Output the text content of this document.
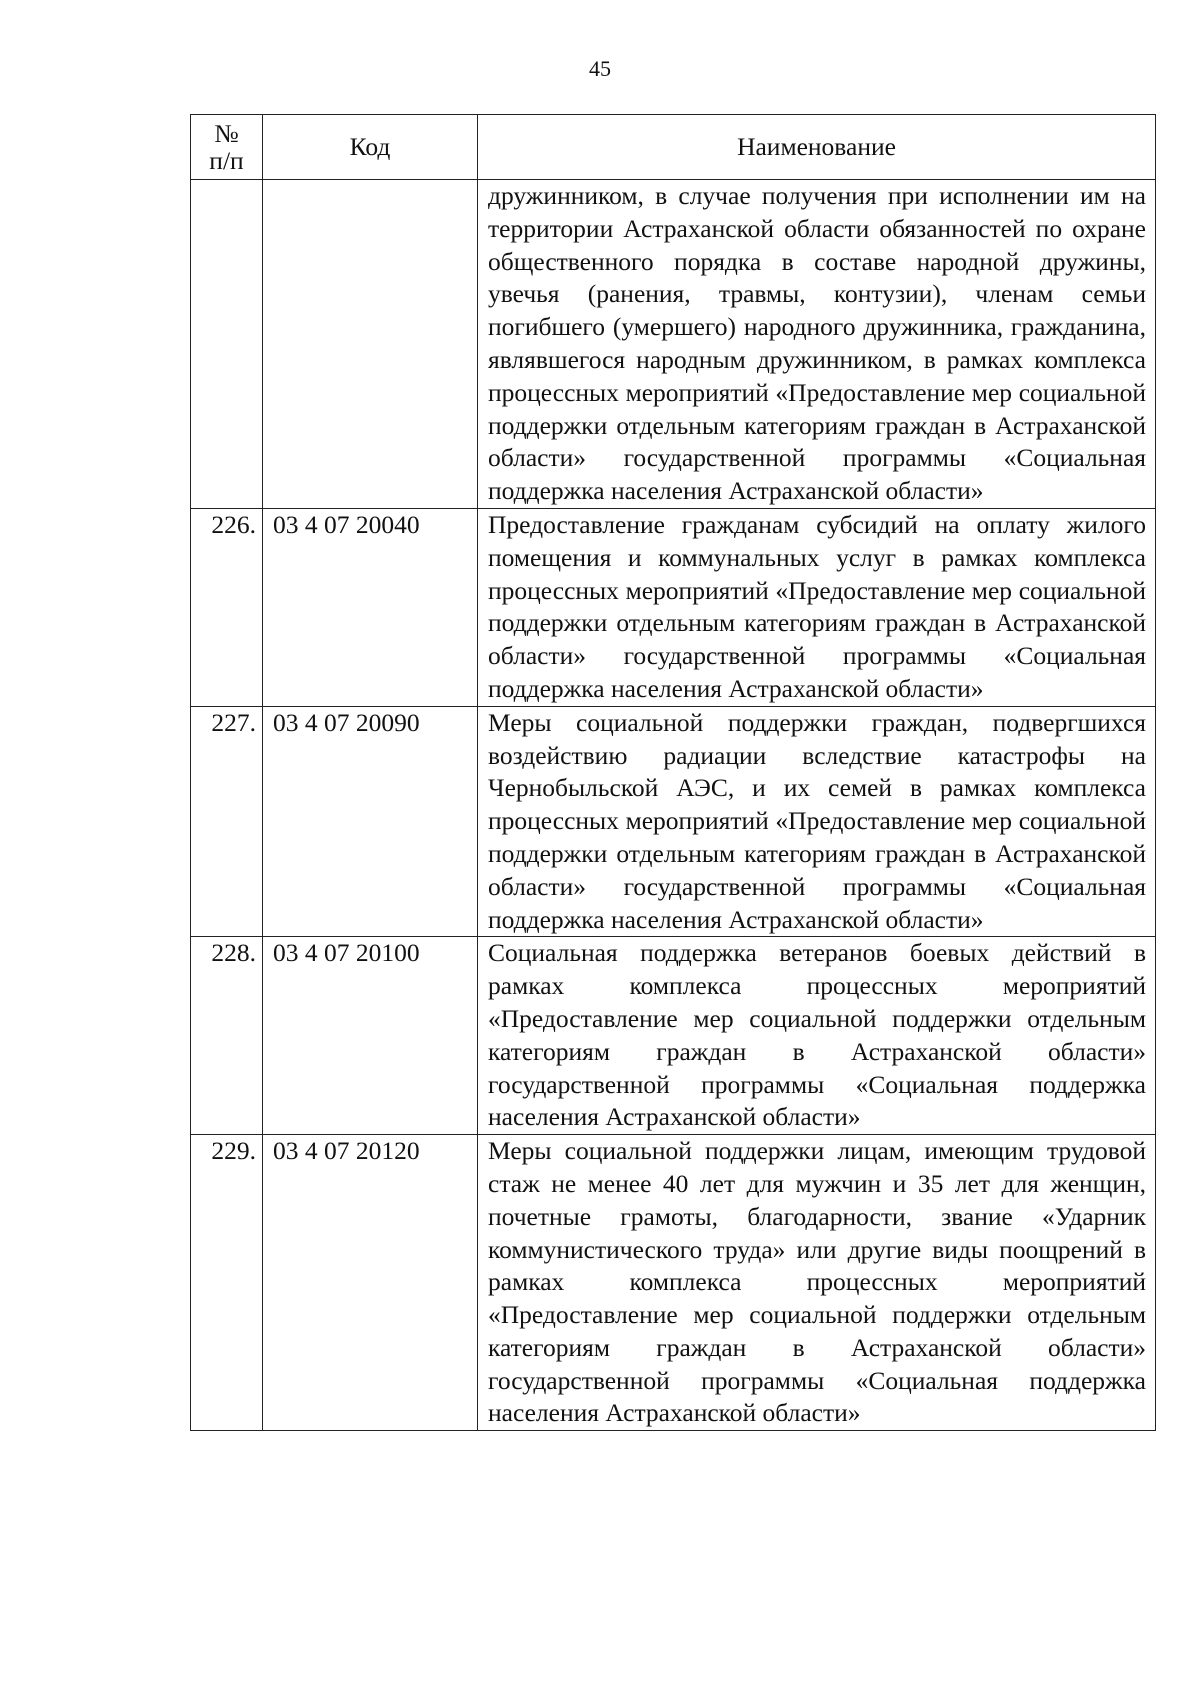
45
№
п/п	Код	Наименование
		дружинником, в случае получения при исполнении им на территории Астраханской области обязанностей по охране общественного порядка в составе народной дружины, увечья (ранения, травмы, контузии), членам семьи погибшего (умершего) народного дружинника, гражданина, являвшегося народным дружинником, в рамках комплекса процессных мероприятий «Предоставление мер социальной поддержки отдельным категориям граждан в Астраханской области» государственной программы «Социальная поддержка населения Астраханской области»
226.	03 4 07 20040	Предоставление гражданам субсидий на оплату жилого помещения и коммунальных услуг в рамках комплекса процессных мероприятий «Предоставление мер социальной поддержки отдельным категориям граждан в Астраханской области» государственной программы «Социальная поддержка населения Астраханской области»
227.	03 4 07 20090	Меры социальной поддержки граждан, подвергшихся воздействию радиации вследствие катастрофы на Чернобыльской АЭС, и их семей в рамках комплекса процессных мероприятий «Предоставление мер социальной поддержки отдельным категориям граждан в Астраханской области» государственной программы «Социальная поддержка населения Астраханской области»
228.	03 4 07 20100	Социальная поддержка ветеранов боевых действий в рамках комплекса процессных мероприятий «Предоставление мер социальной поддержки отдельным категориям граждан в Астраханской области» государственной программы «Социальная поддержка населения Астраханской области»
229.	03 4 07 20120	Меры социальной поддержки лицам, имеющим трудовой стаж не менее 40 лет для мужчин и 35 лет для женщин, почетные грамоты, благодарности, звание «Ударник коммунистического труда» или другие виды поощрений в рамках комплекса процессных мероприятий «Предоставление мер социальной поддержки отдельным категориям граждан в Астраханской области» государственной программы «Социальная поддержка населения Астраханской области»
